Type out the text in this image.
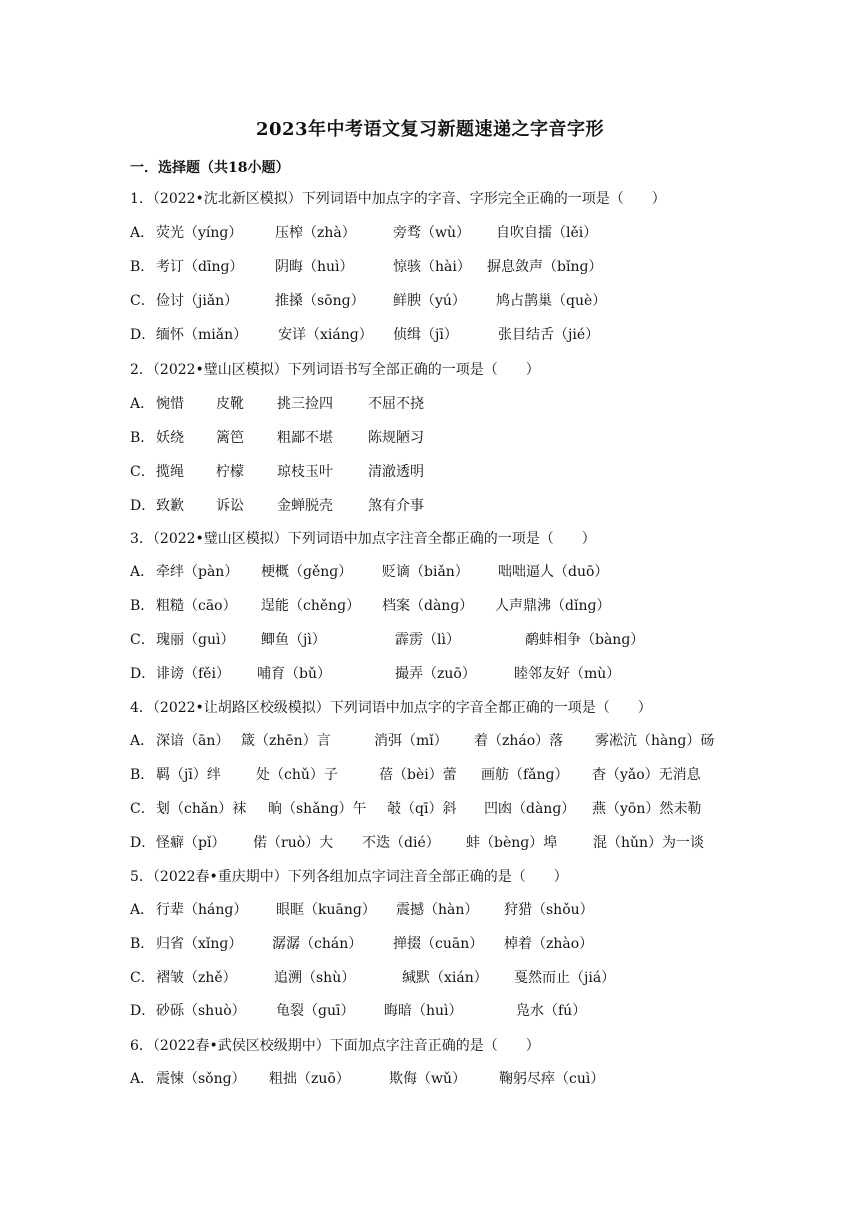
2023年中考语文复习新题速递之字音字形
一．选择题（共18小题）
1．（2022•沈北新区模拟）下列词语中加点字的字音、字形完全正确的一项是（　　）
A． 荧光（yínɡ） 压榨（zhà）	旁骛（wù） 自吹自擂（lěi）
B． 考订（dīnɡ） 阴晦（huì）	惊骇（hài） 摒息敛声（bǐnɡ）
C． 俭讨（jiǎn）	推搡（sōnɡ） 鲜腴（yú） 鸠占鹊巢（què）
D． 缅怀（miǎn） 安详（xiánɡ） 侦缉（jī）	张目结舌（jié）
2．（2022•璧山区模拟）下列词语书写全部正确的一项是（　　）
A． 惋惜 皮靴 挑三捡四	不屈不挠
B． 妖绕 篱笆 粗鄙不堪	陈规陋习
C． 揽绳 柠檬 琼枝玉叶	清澈透明
D． 致歉 诉讼 金蝉脱壳	煞有介事
3．（2022•璧山区模拟）下列词语中加点字注音全都正确的一项是（　　）
A． 牵绊（pàn） 梗概（ɡěnɡ） 贬谪（biǎn） 咄咄逼人（duō）
B． 粗糙（cāo） 逞能（chěnɡ） 档案（dànɡ） 人声鼎沸（dǐnɡ）
C． 瑰丽（ɡuì） 鲫鱼（jì）	霹雳（lì）	鹬蚌相争（bànɡ）
D． 诽谤（fěi） 哺育（bǔ）	撮弄（zuō）	睦邻友好（mù）
4．（2022•让胡路区校级模拟）下列词语中加点字的字音全都正确的一项是（　　）
A． 深谙（ān） 箴（zhēn）言	消弭（mǐ） 着（zháo）落 雾凇沆（hànɡ）砀
B． 羁（jī）绊	处（chǔ）子	蓓（bèi）蕾 画舫（fǎnɡ） 杳（yǎo）无消息
C． 刬（chǎn）袜 晌（shǎnɡ）午 攲（qī）斜 凹凼（dànɡ） 燕（yōn）然未勒
D． 怪癖（pǐ） 偌（ruò）大 不迭（dié） 蚌（bènɡ）埠	混（hǔn）为一谈
5．（2022春•重庆期中）下列各组加点字词注音全部正确的是（　　）
A． 行辈（hánɡ） 眼眶（kuānɡ） 震撼（hàn） 狩猎（shǒu）
B． 归省（xǐnɡ） 潺潺（chán） 掸掇（cuān） 棹着（zhào）
C． 褶皱（zhě）	追溯（shù）	缄默（xián） 戛然而止（jiá）
D． 砂砾（shuò） 龟裂（ɡuī） 晦暗（huì）	凫水（fú）
6．（2022春•武侯区校级期中）下面加点字注音正确的是（　　）
A． 震悚（sǒnɡ） 粗拙（zuō）	欺侮（wǔ） 鞠躬尽瘁（cuì）
